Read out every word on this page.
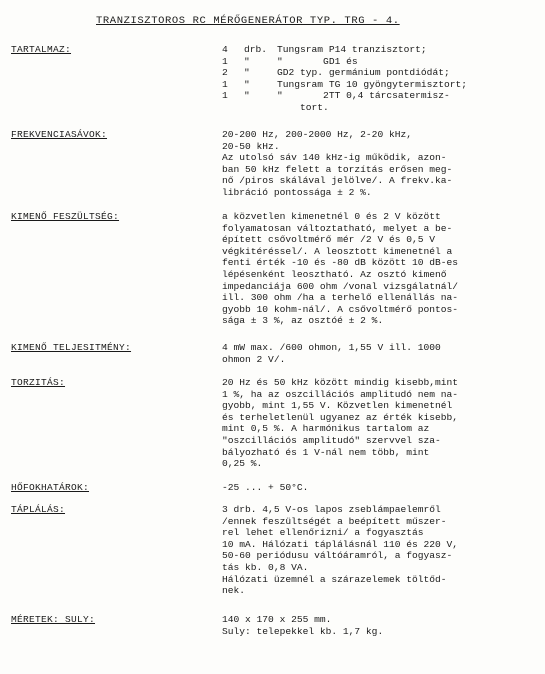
TRANZISZTOROS RC MÉRŐGENERÁTOR TYP. TRG - 4.
TARTALMAZ:	4 drb. Tungsram P14 tranzisztort;
1 "	"       GD1 és
2 "	GD2 typ. germánium pontdiódát;
1 "	Tungsram TG 10 gyöngytermisztort;
1 "	"       2TT 0,4 tárcsatermisz-
tort.
FREKVENCIASÁVOK:	20-200 Hz, 200-2000 Hz, 2-20 kHz,
20-50 kHz.
Az utolsó sáv 140 kHz-ig működik, azon-
ban 50 kHz felett a torzítás erősen meg-
nő /piros skálával jelölve/. A frekv.ka-
libráció pontossága ± 2 %.
KIMENŐ FESZÜLTSÉG:	a közvetlen kimenetnél 0 és 2 V között
folyamatosan változtatható, melyet a be-
épített csővoltmérő mér /2 V és 0,5 V
végkitéréssel/. A leosztott kimenetnél a
fenti érték -10 és -80 dB között 10 dB-es
lépésenként leosztható. Az osztó kimenő
impedanciája 600 ohm /vonal vizsgálatnál/
ill. 300 ohm /ha a terhelő ellenállás na-
gyobb 10 kohm-nál/. A csővoltmérő pontos-
sága ± 3 %, az osztóé ± 2 %.
KIMENŐ TELJESITMÉNY:	4 mW max. /600 ohmon, 1,55 V ill. 1000
ohmon 2 V/.
TORZITÁS:	20 Hz és 50 kHz között mindig kisebb,mint
1 %, ha az oszcillációs amplitudó nem na-
gyobb, mint 1,55 V. Közvetlen kimenetnél
és terheletlenül ugyanez az érték kisebb,
mint 0,5 %. A harmónikus tartalom az
"oszcillációs amplitudó" szervvel sza-
bályozható és 1 V-nál nem több, mint
0,25 %.
HŐFOKHATÁROK:	-25 ... + 50°C.
TÁPLÁLÁS:	3 drb. 4,5 V-os lapos zseblámpaelemről
/ennek feszültségét a beépített műszer-
rel lehet ellenőrizni/ a fogyasztás
10 mA. Hálózati táplálásnál 110 és 220 V,
50-60 periódusu váltóáramról, a fogyasz-
tás kb. 0,8 VA.
Hálózati üzemnél a szárazelemek töltőd-
nek.
MÉRETEK: SULY:	140 x 170 x 255 mm.
Suly: telepekkel kb. 1,7 kg.
